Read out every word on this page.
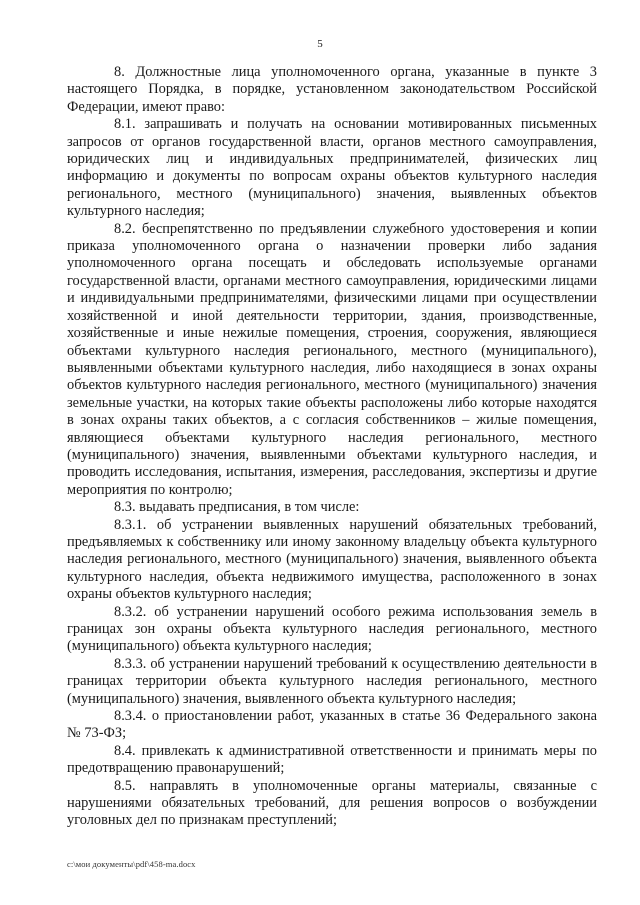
5

8. Должностные лица уполномоченного органа, указанные в пункте 3 настоящего Порядка, в порядке, установленном законодательством Российской Федерации, имеют право:

8.1. запрашивать и получать на основании мотивированных письменных запросов от органов государственной власти, органов местного самоуправления, юридических лиц и индивидуальных предпринимателей, физических лиц информацию и документы по вопросам охраны объектов культурного наследия регионального, местного (муниципального) значения, выявленных объектов культурного наследия;

8.2. беспрепятственно по предъявлении служебного удостоверения и копии приказа уполномоченного органа о назначении проверки либо задания уполномоченного органа посещать и обследовать используемые органами государственной власти, органами местного самоуправления, юридическими лицами и индивидуальными предпринимателями, физическими лицами при осуществлении хозяйственной и иной деятельности территории, здания, производственные, хозяйственные и иные нежилые помещения, строения, сооружения, являющиеся объектами культурного наследия регионального, местного (муниципального), выявленными объектами культурного наследия, либо находящиеся в зонах охраны объектов культурного наследия регионального, местного (муниципального) значения земельные участки, на которых такие объекты расположены либо которые находятся в зонах охраны таких объектов, а с согласия собственников – жилые помещения, являющиеся объектами культурного наследия регионального, местного (муниципального) значения, выявленными объектами культурного наследия, и проводить исследования, испытания, измерения, расследования, экспертизы и другие мероприятия по контролю;

8.3. выдавать предписания, в том числе:

8.3.1. об устранении выявленных нарушений обязательных требований, предъявляемых к собственнику или иному законному владельцу объекта культурного наследия регионального, местного (муниципального) значения, выявленного объекта культурного наследия, объекта недвижимого имущества, расположенного в зонах охраны объектов культурного наследия;

8.3.2. об устранении нарушений особого режима использования земель в границах зон охраны объекта культурного наследия регионального, местного (муниципального) объекта культурного наследия;

8.3.3. об устранении нарушений требований к осуществлению деятельности в границах территории объекта культурного наследия регионального, местного (муниципального) значения, выявленного объекта культурного наследия;

8.3.4. о приостановлении работ, указанных в статье 36 Федерального закона № 73-ФЗ;

8.4. привлекать к административной ответственности и принимать меры по предотвращению правонарушений;

8.5. направлять в уполномоченные органы материалы, связанные с нарушениями обязательных требований, для решения вопросов о возбуждении уголовных дел по признакам преступлений;

c:\мои документы\pdf\458-ma.docx
